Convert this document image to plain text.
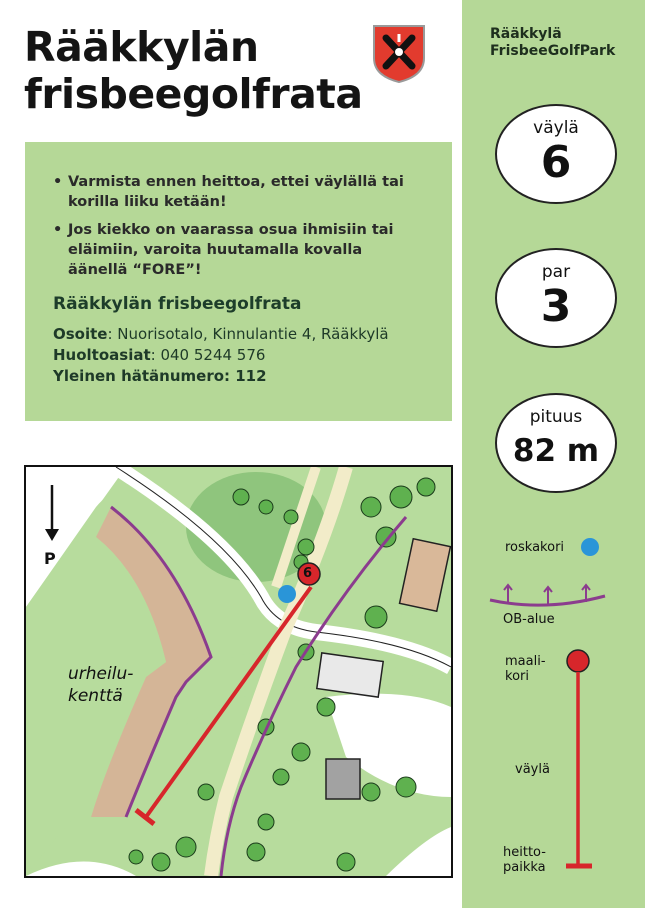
Rääkkylän
frisbeegolfrata
• Varmista ennen heittoa, ettei väylällä tai korilla liiku ketään!
• Jos kiekko on vaarassa osua ihmisiin tai eläimiin, varoita huutamalla kovalla äänellä “FORE”!
Rääkkylän frisbeegolfrata

Osoite: Nuorisotalo, Kinnulantie 4, Rääkkylä

Huoltoasiat: 040 5244 576

Yleinen hätänumero: 112

P
6
urheilu-
kenttä

Rääkkylä
FrisbeeGolfPark

väylä
6
par
3
pituus
82 m

roskakori

OB-alue

maali-
kori

väylä

heitto-
paikka
